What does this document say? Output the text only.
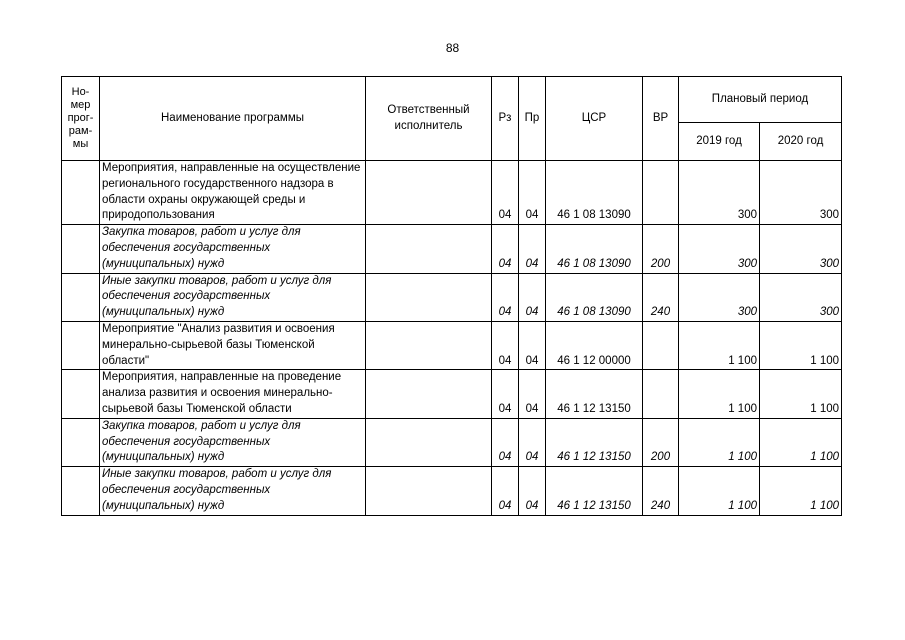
88
Но-
мер
прог-
рам-
мы	Наименование программы	Ответственный исполнитель	Рз	Пр	ЦСР	ВР	Плановый период	
							2019 год	2020 год
	Мероприятия, направленные на осуществление регионального государственного надзора в области охраны окружающей среды и природопользования		04	04	46 1 08 13090		300	300
	Закупка товаров, работ и услуг для обеспечения государственных (муниципальных) нужд		04	04	46 1 08 13090	200	300	300
	Иные закупки товаров, работ и услуг для обеспечения государственных (муниципальных) нужд		04	04	46 1 08 13090	240	300	300
	Мероприятие "Анализ развития и освоения минерально-сырьевой базы Тюменской области"		04	04	46 1 12 00000		1 100	1 100
	Мероприятия, направленные на проведение анализа развития и освоения минерально-сырьевой базы Тюменской области		04	04	46 1 12 13150		1 100	1 100
	Закупка товаров, работ и услуг для обеспечения государственных (муниципальных) нужд		04	04	46 1 12 13150	200	1 100	1 100
	Иные закупки товаров, работ и услуг для обеспечения государственных (муниципальных) нужд		04	04	46 1 12 13150	240	1 100	1 100
